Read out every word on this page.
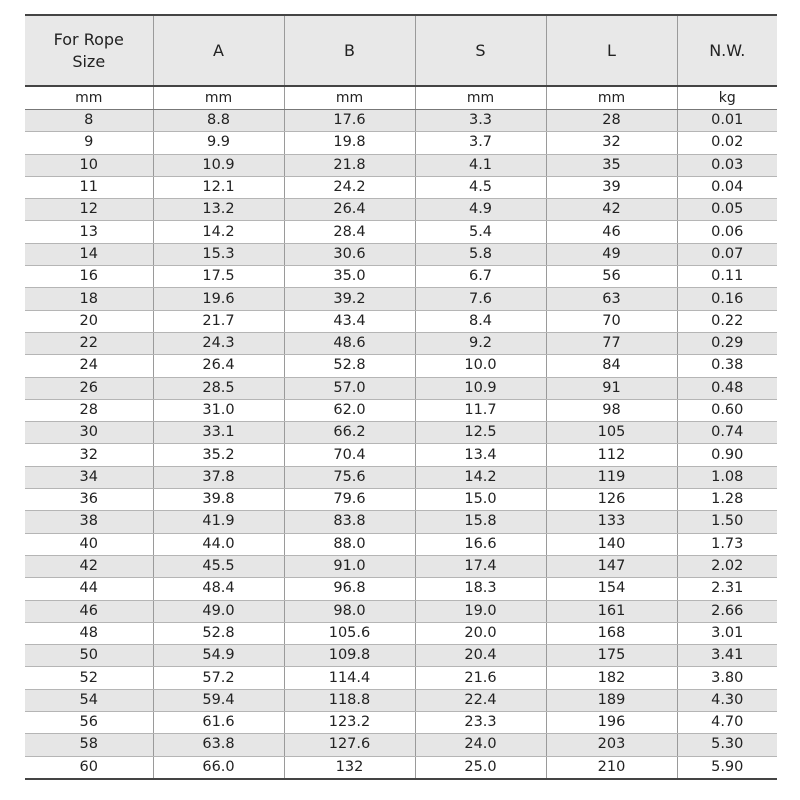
For Rope
Size	A	B	S	L	N.W.
mm	mm	mm	mm	mm	kg
8	8.8	17.6	3.3	28	0.01
9	9.9	19.8	3.7	32	0.02
10	10.9	21.8	4.1	35	0.03
11	12.1	24.2	4.5	39	0.04
12	13.2	26.4	4.9	42	0.05
13	14.2	28.4	5.4	46	0.06
14	15.3	30.6	5.8	49	0.07
16	17.5	35.0	6.7	56	0.11
18	19.6	39.2	7.6	63	0.16
20	21.7	43.4	8.4	70	0.22
22	24.3	48.6	9.2	77	0.29
24	26.4	52.8	10.0	84	0.38
26	28.5	57.0	10.9	91	0.48
28	31.0	62.0	11.7	98	0.60
30	33.1	66.2	12.5	105	0.74
32	35.2	70.4	13.4	112	0.90
34	37.8	75.6	14.2	119	1.08
36	39.8	79.6	15.0	126	1.28
38	41.9	83.8	15.8	133	1.50
40	44.0	88.0	16.6	140	1.73
42	45.5	91.0	17.4	147	2.02
44	48.4	96.8	18.3	154	2.31
46	49.0	98.0	19.0	161	2.66
48	52.8	105.6	20.0	168	3.01
50	54.9	109.8	20.4	175	3.41
52	57.2	114.4	21.6	182	3.80
54	59.4	118.8	22.4	189	4.30
56	61.6	123.2	23.3	196	4.70
58	63.8	127.6	24.0	203	5.30
60	66.0	132	25.0	210	5.90
